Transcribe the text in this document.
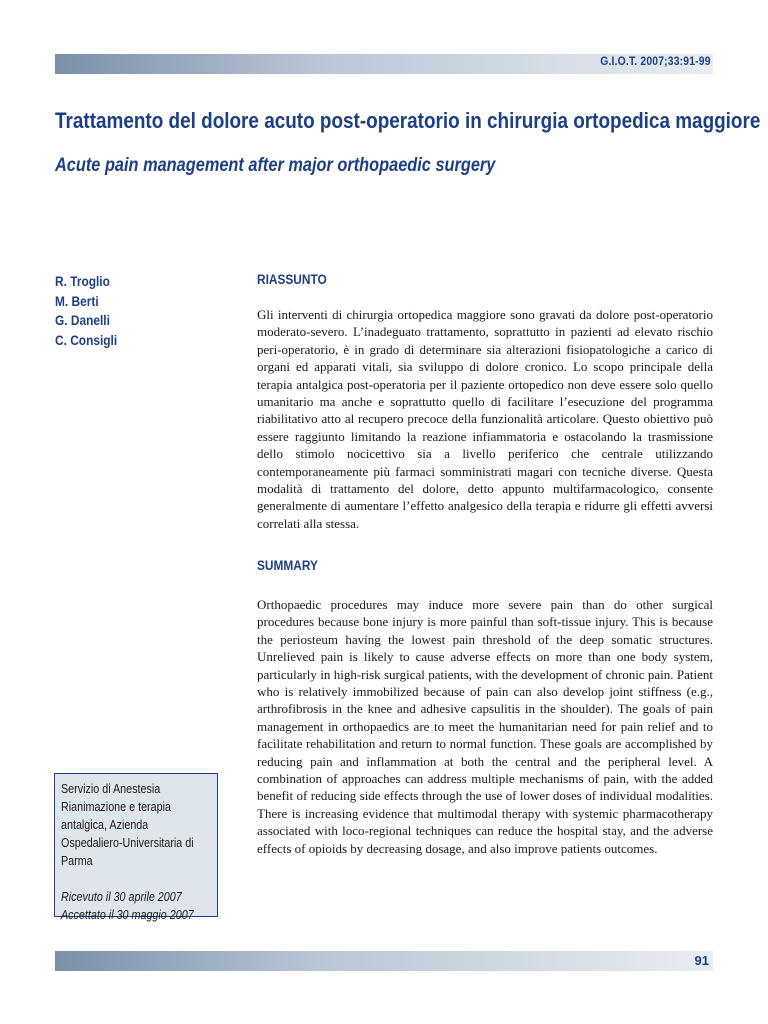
G.I.O.T. 2007;33:91-99
Trattamento del dolore acuto post-operatorio in chirurgia ortopedica maggiore
Acute pain management after major orthopaedic surgery
R. Troglio
M. Berti
G. Danelli
C. Consigli
RIASSUNTO

Gli interventi di chirurgia ortopedica maggiore sono gravati da dolore post-operatorio moderato-severo. L’inadeguato trattamento, soprattutto in pazienti ad elevato rischio peri-operatorio, è in grado di determinare sia alterazioni fisiopatologiche a carico di organi ed apparati vitali, sia sviluppo di dolore cronico. Lo scopo principale della terapia antalgica post-operatoria per il paziente ortopedico non deve essere solo quello umanitario ma anche e soprattutto quello di facilitare l’esecuzione del programma riabilitativo atto al recupero precoce della funzionalità articolare. Questo obiettivo può essere raggiunto limitando la reazione infiammatoria e ostacolando la trasmissione dello stimolo nocicettivo sia a livello periferico che centrale utilizzando contemporaneamente più farmaci somministrati magari con tecniche diverse. Questa modalità di trattamento del dolore, detto appunto multifarmacologico, consente generalmente di aumentare l’effetto analgesico della terapia e ridurre gli effetti avversi correlati alla stessa.

SUMMARY

Orthopaedic procedures may induce more severe pain than do other surgical procedures because bone injury is more painful than soft-tissue injury. This is because the periosteum having the lowest pain threshold of the deep somatic structures. Unrelieved pain is likely to cause adverse effects on more than one body system, particularly in high-risk surgical patients, with the development of chronic pain. Patient who is relatively immobilized because of pain can also develop joint stiffness (e.g., arthrofibrosis in the knee and adhesive capsulitis in the shoulder). The goals of pain management in orthopaedics are to meet the humanitarian need for pain relief and to facilitate rehabilitation and return to normal function. These goals are accomplished by reducing pain and inflammation at both the central and the peripheral level. A combination of approaches can address multiple mechanisms of pain, with the added benefit of reducing side effects through the use of lower doses of individual modalities. There is increasing evidence that multimodal therapy with systemic pharmacotherapy associated with loco-regional techniques can reduce the hospital stay, and the adverse effects of opioids by decreasing dosage, and also improve patients outcomes.

Servizio di Anestesia Rianimazione e terapia antalgica, Azienda Ospedaliero-Universitaria di Parma

Ricevuto il 30 aprile 2007

Accettato il 30 maggio 2007

91
